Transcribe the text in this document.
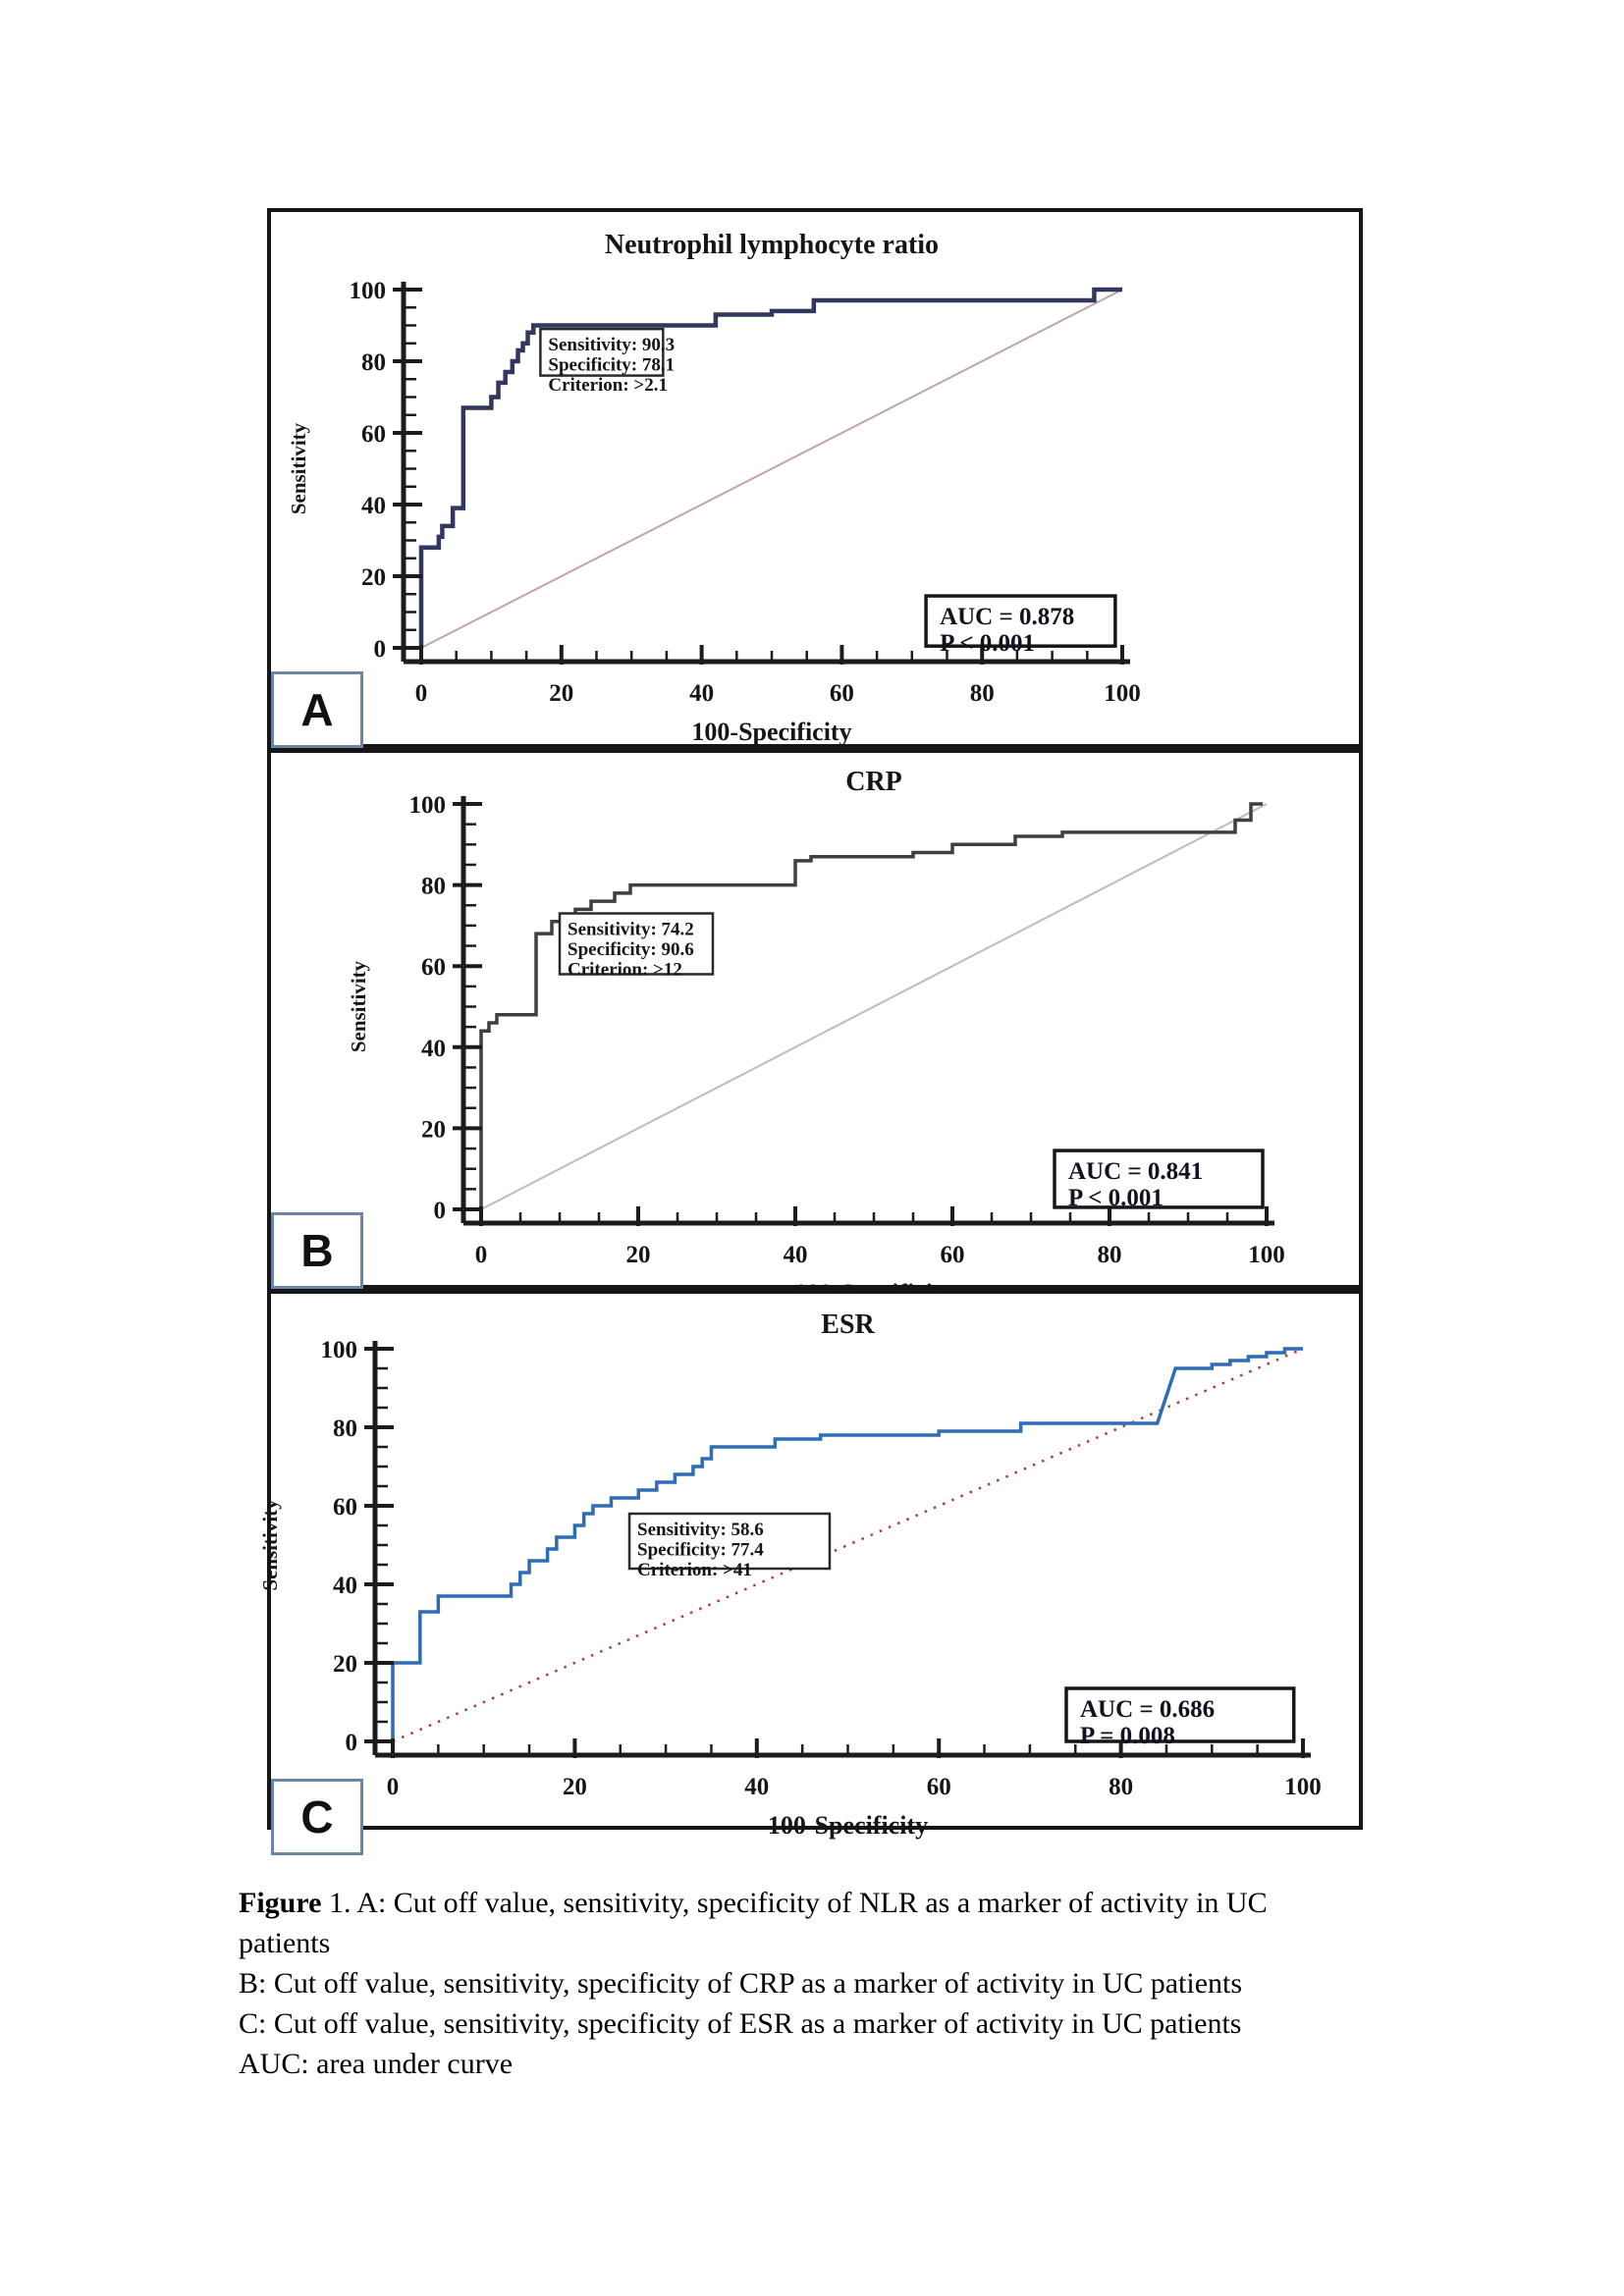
0
0
20
20
40
40
60
60
80
80
100
100
Neutrophil lymphocyte ratio
100-Specificity
Sensitivity
Sensitivity: 90.3
Specificity: 78.1
Criterion: >2.1
AUC = 0.878
P < 0.001
A
0
0
20
20
40
40
60
60
80
80
100
100
CRP
Sensitivity
Sensitivity: 74.2
Specificity: 90.6
Criterion: >12
AUC = 0.841
P < 0.001
B
0
0
20
20
40
40
60
60
80
80
100
100
ESR
100-Specificity
Sensitivity	Sensitivity: 58.6
Specificity: 77.4
Criterion: >41
AUC = 0.686
P = 0.008
C
Figure 1. A: Cut off value, sensitivity, specificity of NLR as a marker of activity in UC
patients
B: Cut off value, sensitivity, specificity of CRP as a marker of activity in UC patients
C: Cut off value, sensitivity, specificity of ESR as a marker of activity in UC patients
AUC: area under curve
